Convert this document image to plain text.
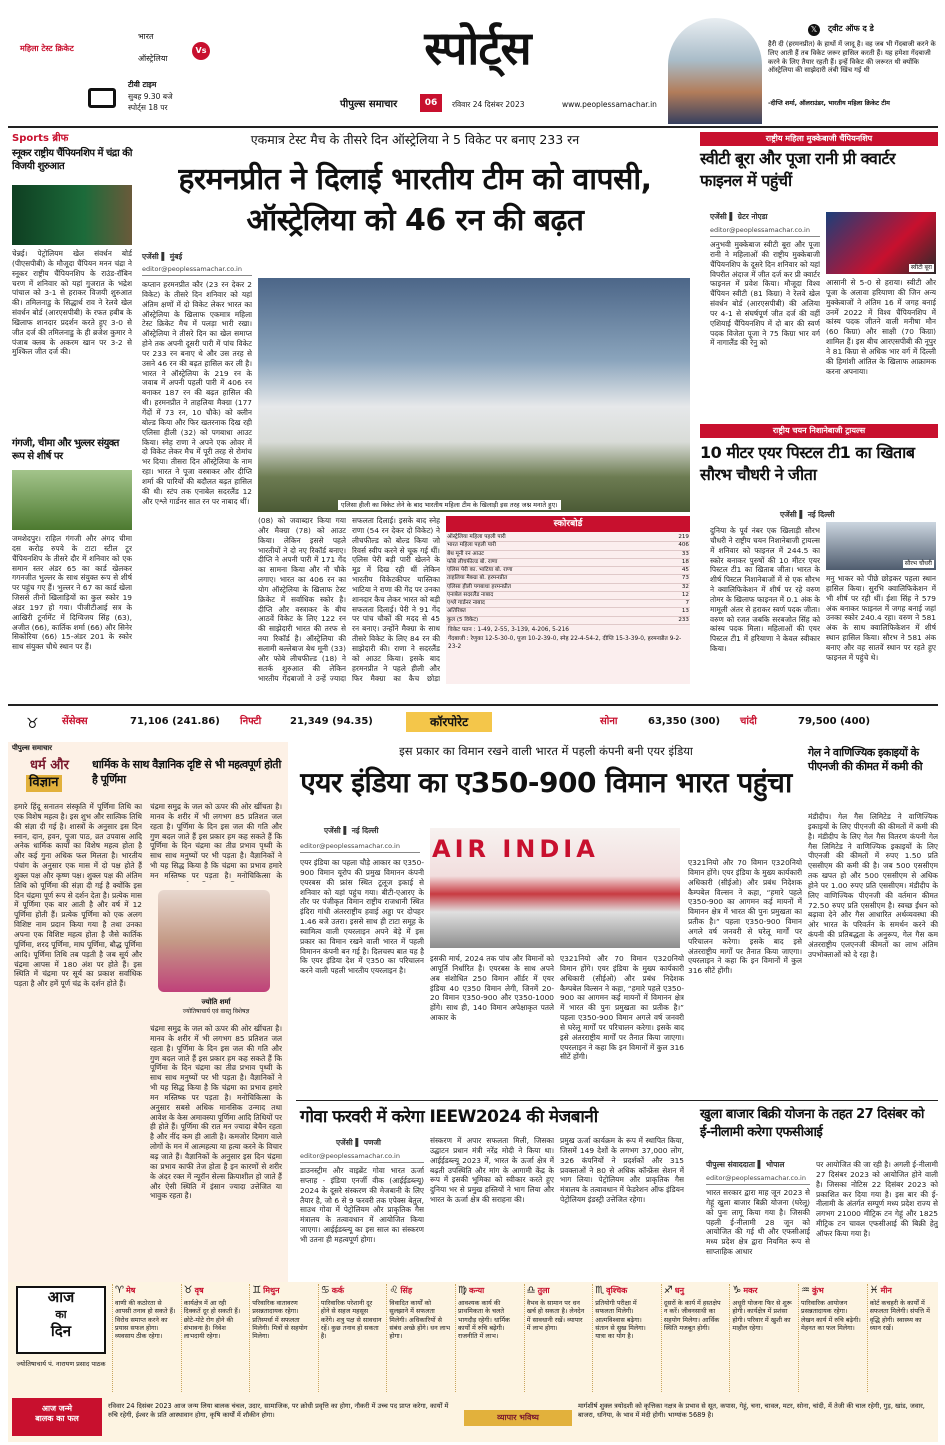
महिला टेस्ट क्रिकेट
भारत
Vs
ऑस्ट्रेलिया
टीवी टाइम
सुबह 9.30 बजे
स्पोर्ट्स 18 पर
स्पोर्ट्स
पीपुल्स समाचार	06	रविवार 24 दिसंबर 2023	www.peoplessamachar.in
𝕏	ट्वीट ऑफ द डे
हैरी दी (हरमनप्रीत) के हाथों में जादू है। वह जब भी गेंदबाजी करने के लिए आती हैं तब विकेट जरूर हासिल करती हैं। यह हमेशा गेंदबाजी करने के लिए तैयार रहती हैं। इन्हें विकेट की जरूरत थी क्योंकि ऑस्ट्रेलिया की साझेदारी लंबी खिंच गई थी
-दीप्ति शर्मा, ऑलराउंडर, भारतीय महिला क्रिकेट टीम
Sports ब्रीफ
स्नूकर राष्ट्रीय चैंपियनशिप में चंद्रा की विजयी शुरुआत
चेन्नई। पेट्रोलियम खेल संवर्धन बोर्ड (पीएसपीबी) के मौजूदा चैंपियन मनन चंद्रा ने स्नूकर राष्ट्रीय चैंपियनशिप के राउंड-रॉबिन चरण में शनिवार को यहां गुजरात के भद्रेश पांचाल को 3-1 से हराकर विजयी शुरुआत की। तमिलनाडु के सिद्धार्थ राव ने रेलवे खेल संवर्धन बोर्ड (आरएसपीबी) के रफत हबीब के खिलाफ शानदार प्रदर्शन करते हुए 3-0 से जीत दर्ज की तमिलनाडु के ही ब्रजेश कुमार ने पंजाब क्लब के अकरम खान पर 3-2 से मुश्किल जीत दर्ज की।
गंगजी, चीमा और भुल्लर संयुक्त रूप से शीर्ष पर
जमशेदपुर। राहिल गंगजी और अंगद चीमा दस करोड़ रुपये के टाटा स्टील टूर चैंपियनशिप के तीसरे दौर में शनिवार को एक समान स्तर अंडर 65 का कार्ड खेलकर गगनजीत भुल्लर के साथ संयुक्त रूप से शीर्ष पर पहुंच गए हैं। भुल्लर ने 67 का कार्ड खेला जिससे तीनों खिलाड़ियों का कुल स्कोर 19 अंडर 197 हो गया। पीजीटीआई सत्र के आखिरी टूर्नामेंट में दिग्विजय सिंह (63), अजीत (66), कार्तिक शर्मा (66) और सिनेर सिकोरिया (66) 15-अंडर 201 के स्कोर साथ संयुक्त चौथे स्थान पर हैं।
एकमात्र टेस्ट मैच के तीसरे दिन ऑस्ट्रेलिया ने 5 विकेट पर बनाए 233 रन
हरमनप्रीत ने दिलाई भारतीय टीम को वापसी, ऑस्ट्रेलिया को 46 रन की बढ़त
एजेंसी ▌ मुंबई
editor@peoplessamachar.co.in
एलिसा हीली का विकेट लेने के बाद भारतीय महिला टीम के खिलाड़ी इस तरह जश्न मनाते हुए।
कप्तान हरमनप्रीत कौर (23 रन देकर 2 विकेट) के तीसरे दिन शनिवार को यहां अंतिम क्षणों में दो विकेट लेकर भारत का ऑस्ट्रेलिया के खिलाफ एकमात्र महिला टेस्ट क्रिकेट मैच में पलड़ा भारी रखा। ऑस्ट्रेलिया ने तीसरे दिन का खेल समाप्त होने तक अपनी दूसरी पारी में पांच विकेट पर 233 रन बनाए थे और उस तरह से उसने 46 रन की बढ़त हासिल कर ली है। भारत ने ऑस्ट्रेलिया के 219 रन के जवाब में अपनी पहली पारी में 406 रन बनाकर 187 रन की बढ़त हासिल की थी। हरमनप्रीत ने ताहलिया मैक्ग्रा (177 गेंदों में 73 रन, 10 चौके) को क्लीन बोल्ड किया और फिर खतरनाक दिख रही एलिसा हीली (32) को पगबाधा आउट किया। स्नेह राणा ने अपने एक ओवर में दो विकेट लेकर मैच में पूरी तरह से रोमांच भर दिया। तीसरा दिन ऑस्ट्रेलिया के नाम रहा। भारत ने पूजा वस्त्राकर और दीप्ति शर्मा की पारियों की बदौलत बढ़त हासिल की थी। स्टंप तक एनाबेल सदरलैंड 12 और एश्ले गार्डनर सात रन पर नाबाद थीं।
(08) को जवाब्दार किया गया और मैक्ग्रा (78) को आउट किया। लेकिन इससे पहले भारतीयों ने दो नए रिकॉर्ड बनाए। दीप्ति ने अपनी पारी में 171 गेंद का सामना किया और नौ चौके लगाए। भारत का 406 रन का योग ऑस्ट्रेलिया के खिलाफ टेस्ट क्रिकेट में सर्वाधिक स्कोर है। दीप्ति और वस्त्राकर के बीच आठवें विकेट के लिए 122 रन की साझेदारी भारत की तरफ से नया रिकॉर्ड है। ऑस्ट्रेलिया की सलामी बल्लेबाज बेथ मूनी (33) और फोबे लीचफील्ड (18) ने सतर्क शुरुआत की लेकिन भारतीय गेंदबाजों ने उन्हें ज्यादा
सफलता दिलाई। इसके बाद स्नेह राणा (54 रन देकर दो विकेट) ने लीचफील्ड को बोल्ड किया जो रिवर्स स्वीप करने से चूक गई थीं। एलिस पेरी बड़ी पारी खेलने के मूड में दिख रही थीं लेकिन भारतीय विकेटकीपर यास्तिका भाटिया ने राणा की गेंद पर उनका शानदार कैच लेकर भारत को बड़ी सफलता दिलाई। पेरी ने 91 गेंद पर पांच चौकों की मदद से 45 रन बनाए। उन्होंने मैक्ग्रा के साथ तीसरे विकेट के लिए 84 रन की साझेदारी की। राणा ने सदरलैंड को आउट किया। इसके बाद हरमनप्रीत ने पहले हीली और फिर मैक्ग्रा का कैच छोड़ा
स्कोरबोर्ड
ऑस्ट्रेलिया महिला पहली पारी	219
भारत महिला पहली पारी	406
बेथ मूनी रन आउट	33
फोबे लीचफील्ड बो. राणा	18
एलिस पेरी का. भाटिया बो. राणा	45
ताहलिया मैक्ग्रा बो. हरमनप्रीत	73
एलिसा हीली पगबाधा हरमनप्रीत	32
एनाबेल सदरलैंड नाबाद	12
एश्ले गार्डनर नाबाद	7
अतिरिक्त	13
कुल (5 विकेट)	233
विकेट पतन : 1-49, 2-55, 3-139, 4-206, 5-216
गेंदबाजी : रेणुका 12-5-30-0, पूजा 10-2-39-0, स्नेह 22-4-54-2, दीप्ति 15-3-39-0, हरमनप्रीत 9-2-23-2
राष्ट्रीय महिला मुक्केबाजी चैंपियनशिप
स्वीटी बूरा और पूजा रानी प्री क्वार्टर फाइनल में पहुंचीं
एजेंसी ▌ ग्रेटर नोएडा
editor@peoplessamachar.co.in
स्वीटी बूरा
अनुभवी मुक्केबाज स्वीटी बूरा और पूजा रानी ने महिलाओं की राष्ट्रीय मुक्केबाजी चैंपियनशिप के दूसरे दिन शनिवार को यहां विपरीत अंदाज में जीत दर्ज कर प्री क्वार्टर फाइनल में प्रवेश किया। मौजूदा विश्व चैंपियन स्वीटी (81 किग्रा) ने रेलवे खेल संवर्धन बोर्ड (आरएसपीबी) की अलिया पर 4-1 से संघर्षपूर्ण जीत दर्ज की वहीं एशियाई चैंपियनशिप में दो बार की स्वर्ण पदक विजेता पूजा ने 75 किग्रा भार वर्ग में नागालैंड की रेनु को
आसानी से 5-0 से हराया। स्वीटी और पूजा के अलावा हरियाणा की जिन अन्य मुक्केबाजों ने अंतिम 16 में जगह बनाई उनमें 2022 में विश्व चैंपियनशिप में कांस्य पदक जीतने वाली मनीषा मौन (60 किग्रा) और साक्षी (70 किग्रा) शामिल हैं। इस बीच आरएसपीबी की नूपुर ने 81 किग्रा से अधिक भार वर्ग में दिल्ली की हिमांशी आंतिल के खिलाफ आक्रामक करना अपनाया।
राष्ट्रीय चयन निशानेबाजी ट्रायल्स
10 मीटर एयर पिस्टल टी1 का खिताब सौरभ चौधरी ने जीता
एजेंसी ▌ नई दिल्ली
दुनिया के पूर्व नंबर एक खिलाड़ी सौरभ चौधरी ने राष्ट्रीय चयन निशानेबाजी ट्रायल्स में शनिवार को फाइनल में 244.5 का स्कोर बनाकर पुरुषों की 10 मीटर एयर पिस्टल टी1 का खिताब जीता। भारत के शीर्ष पिस्टल निशानेबाजों में से एक सौरभ ने क्वालिफिकेशन में शीर्ष पर रहे वरुण तोमर के खिलाफ फाइनल में 0.1 अंक के मामूली अंतर से हराकर स्वर्ण पदक जीता। वरुण को रजत जबकि सरबजोत सिंह को कांस्य पदक मिला। महिलाओं की एयर पिस्टल टी1 में हरियाणा ने केवल स्वीकार किया।
सौरभ चौधरी
मनु भाकर को पीछे छोड़कर पहला स्थान हासिल किया। सुरभि क्वालिफिकेशन में भी शीर्ष पर रही थीं। ईशा सिंह ने 579 अंक बनाकर फाइनल में जगह बनाई जहां उनका स्कोर 240.4 रहा। वरुण ने 581 अंक के साथ क्वालिफिकेशन में शीर्ष स्थान हासिल किया। सौरभ ने 581 अंक बनाए और वह सातवें स्थान पर रहते हुए फाइनल में पहुंचे थे।
♉ सेंसेक्स	71,106 (241.86) निफ्टी	21,349 (94.35)	कॉरपोरेट	सोना	63,350 (300) चांदी	79,500 (400)
पीपुल्स समाचार
धर्म और
विज्ञान
धार्मिक के साथ वैज्ञानिक दृष्टि से भी महत्वपूर्ण होती है पूर्णिमा
हमारे हिंदू सनातन संस्कृति में पूर्णिमा तिथि का एक विशेष महत्व है। इस शुभ और सात्विक तिथि की संज्ञा दी गई है। शास्त्रों के अनुसार इस दिन स्नान, दान, हवन, पूजा पाठ, व्रत उपवास आदि अनेक धार्मिक कार्यों का विशेष महत्व होता है और कई गुना अधिक फल मिलता है। भारतीय पंचांग के अनुसार एक मास में दो पक्ष होते हैं शुक्ल पक्ष और कृष्ण पक्ष। शुक्ल पक्ष की अंतिम तिथि को पूर्णिमा की संज्ञा दी गई है क्योंकि इस दिन चंद्रमा पूर्ण रूप से दर्शन देता है। प्रत्येक मास में पूर्णिमा एक बार आती है और वर्ष में 12 पूर्णिमा होती हैं। प्रत्येक पूर्णिमा को एक अलग विशिष्ट नाम प्रदान किया गया है तथा उनका अपना एक विशिष्ट महत्व होता है जैसे कार्तिक पूर्णिमा, शरद पूर्णिमा, माघ पूर्णिमा, बौद्ध पूर्णिमा आदि। पूर्णिमा तिथि तब पड़ती है जब सूर्य और चंद्रमा आपस में 180 अंश पर होते हैं। इस स्थिति में चंद्रमा पर सूर्य का प्रकाश सर्वाधिक पड़ता है और हमें पूर्ण चंद्र के दर्शन होते हैं।
चंद्रमा समुद्र के जल को ऊपर की ओर खींचता है। मानव के शरीर में भी लगभग 85 प्रतिशत जल रहता है। पूर्णिमा के दिन इस जल की गति और गुण बदल जाते हैं इस प्रकार हम कह सकते हैं कि पूर्णिमा के दिन चंद्रमा का तीव्र प्रभाव पृथ्वी के साथ साथ मनुष्यों पर भी पड़ता है। वैज्ञानिकों ने भी यह सिद्ध किया है कि चंद्रमा का प्रभाव हमारे मन मस्तिष्क पर पड़ता है। मनोचिकित्सा के
ज्योति शर्मा
ज्योतिषाचार्य एवं वास्तु विशेषज्ञ
चंद्रमा समुद्र के जल को ऊपर की ओर खींचता है। मानव के शरीर में भी लगभग 85 प्रतिशत जल रहता है। पूर्णिमा के दिन इस जल की गति और गुण बदल जाते हैं इस प्रकार हम कह सकते हैं कि पूर्णिमा के दिन चंद्रमा का तीव्र प्रभाव पृथ्वी के साथ साथ मनुष्यों पर भी पड़ता है। वैज्ञानिकों ने भी यह सिद्ध किया है कि चंद्रमा का प्रभाव हमारे मन मस्तिष्क पर पड़ता है। मनोचिकित्सा के अनुसार सबसे अधिक मानसिक उन्माद तथा आवेश के केस अमावस्या पूर्णिमा आदि तिथियों पर ही होते हैं। पूर्णिमा की रात मन ज्यादा बेचैन रहता है और नींद कम ही आती है। कमजोर दिमाग वाले लोगों के मन में आत्महत्या या हत्या करने के विचार बढ़ जाते हैं। वैज्ञानिकों के अनुसार इस दिन चंद्रमा का प्रभाव काफी तेज होता है इन कारणों से शरीर के अंदर रक्त में न्यूरॉन सेल्स क्रियाशील हो जाते हैं और ऐसी स्थिति में इंसान ज्यादा उत्तेजित या भावुक रहता है।
इस प्रकार का विमान रखने वाली भारत में पहली कंपनी बनी एयर इंडिया
एयर इंडिया का ए350-900 विमान भारत पहुंचा
एजेंसी ▌ नई दिल्ली
editor@peoplessamachar.co.in	AIR INDIA
एयर इंडिया का पहला चौड़े आकार का ए350-900 विमान यूरोप की प्रमुख विमानन कंपनी एयरबस की फ्रांस स्थित टूलूज इकाई से शनिवार को यहां पहुंच गया। बीटी-एआरए के तौर पर पंजीकृत विमान राष्ट्रीय राजधानी स्थित इंदिरा गांधी अंतरराष्ट्रीय हवाई अड्डा पर दोपहर 1.46 बजे उतरा। इससे साथ ही टाटा समूह के स्वामित्व वाली एयरलाइन अपने बेड़े में इस प्रकार का विमान रखने वाली भारत में पहली विमानन कंपनी बन गई है। दिलचस्प बात यह है कि एयर इंडिया देश में ए350 का परिचालन करने वाली पहली भारतीय एयरलाइन है।
इसकी मार्च, 2024 तक पांच और विमानों को आपूर्ति निर्धारित है। एयरबस के साथ अपने अब संशोधित 250 विमान ऑर्डर में एयर इंडिया 40 ए350 विमान लेगी, जिनमें 20-20 विमान ए350-900 और ए350-1000 होंगे। साथ ही, 140 विमान अपेक्षाकृत पतले आकार के
ए321नियो और 70 विमान ए320नियो विमान होंगे। एयर इंडिया के मुख्य कार्यकारी अधिकारी (सीईओ) और प्रबंध निदेशक कैम्पबेल विल्सन ने कहा, “हमारे पहले ए350-900 का आगमन कई मायनों में विमानन क्षेत्र में भारत की पुनः प्रमुखता का प्रतीक है।” पहला ए350-900 विमान अगले वर्ष जनवरी से घरेलू मार्गों पर परिचालन करेगा। इसके बाद इसे अंतरराष्ट्रीय मार्गों पर तैनात किया जाएगा। एयरलाइन ने कहा कि इन विमानों में कुल 316 सीटें होंगी।
गेल ने वाणिज्यिक इकाइयों के पीएनजी की कीमत में कमी की
मंडीदीप। गेल गैस लिमिटेड ने वाणिज्यिक इकाइयों के लिए पीएनजी की कीमतों में कमी की है। मंडीदीप के लिए गेल गैस वितरण कंपनी गेल गैस लिमिटेड ने वाणिज्यिक इकाइयों के लिए पीएनजी की कीमतों में रुपए 1.50 प्रति एससीएम की कमी की है। जब 500 एससीएम तक खपत हो और 500 एससीएम से अधिक होने पर 1.00 रुपए प्रति एससीएम। मंडीदीप के लिए वाणिज्यिक पीएनजी की वर्तमान कीमत 72.50 रुपए प्रति एससीएम है। स्वच्छ ईंधन को बढ़ावा देने और गैस आधारित अर्थव्यवस्था की ओर भारत के परिवर्तन के समर्थन करने की कंपनी की प्रतिबद्धता के अनुरूप, गेल गैस कम अंतरराष्ट्रीय एलएनजी कीमतों का लाभ अंतिम उपभोक्ताओं को दे रहा है।
ए321नियो और 70 विमान ए320नियो विमान होंगे। एयर इंडिया के मुख्य कार्यकारी अधिकारी (सीईओ) और प्रबंध निदेशक कैम्पबेल विल्सन ने कहा, “हमारे पहले ए350-900 का आगमन कई मायनों में विमानन क्षेत्र में भारत की पुनः प्रमुखता का प्रतीक है।” पहला ए350-900 विमान अगले वर्ष जनवरी से घरेलू मार्गों पर परिचालन करेगा। इसके बाद इसे अंतरराष्ट्रीय मार्गों पर तैनात किया जाएगा। एयरलाइन ने कहा कि इन विमानों में कुल 316 सीटें होंगी।
गोवा फरवरी में करेगा IEEW2024 की मेजबानी
एजेंसी ▌ पणजी
editor@peoplessamachar.co.in
डाउनस्ट्रीम और वाइब्रेंट गोवा भारत ऊर्जा सप्ताह - इंडिया एनर्जी वीक (आईईडब्ल्यू) 2024 के दूसरे संस्करण की मेजबानी के लिए तैयार है, जो 6 से 9 फरवरी तक एपेक्स बेतुल, साउथ गोवा में पेट्रोलियम और प्राकृतिक गैस मंत्रालय के तत्वावधान में आयोजित किया जाएगा। आईईडब्ल्यू का इस साल का संस्करण भी उतना ही महत्वपूर्ण होगा।
संस्करण में अपार सफलता मिली, जिसका उद्घाटन प्रधान मंत्री नरेंद्र मोदी ने किया था। आईईडब्ल्यू 2023 में, भारत के ऊर्जा क्षेत्र में बढ़ती उपस्थिति और मांग के आगामी केंद्र के रूप में इसकी भूमिका को स्वीकार करते हुए दुनिया भर से प्रमुख हस्तियों ने भाग लिया और भारत के ऊर्जा क्षेत्र की सराहना की।
प्रमुख ऊर्जा कार्यक्रम के रूप में स्थापित किया, जिसमें 149 देशों के लगभग 37,000 लोग, 326 कंपनियों ने प्रदर्शकों और 315 प्रवक्ताओं ने 80 से अधिक कॉन्फ्रेंस सेशन में भाग लिया। पेट्रोलियम और प्राकृतिक गैस मंत्रालय के तत्वावधान में फेडरेशन ऑफ इंडियन पेट्रोलियम इंडस्ट्री उत्तेजित रहेगा।
खुला बाजार बिक्री योजना के तहत 27 दिसंबर को ई-नीलामी करेगा एफसीआई
पीपुल्स संवाददाता ▌ भोपाल
editor@peoplessamachar.co.in
भारत सरकार द्वारा माह जून 2023 से गेहूं खुला बाजार बिक्री योजना (घरेलू) को पुनः लागू किया गया है। जिसकी पहली ई-नीलामी 28 जून को आयोजित की गई थी और एफसीआई मध्य प्रदेश क्षेत्र द्वारा नियमित रूप से साप्ताहिक आधार
पर आयोजित की जा रही है। अगली ई-नीलामी 27 दिसंबर 2023 को आयोजित होने वाली है। जिसका नोटिस 22 दिसंबर 2023 को प्रकाशित कर दिया गया है। इस बार की ई-नीलामी के अंतर्गत सम्पूर्ण मध्य प्रदेश राज्य से लगभग 21000 मीट्रिक टन गेहूं और 1825 मीट्रिक टन चावल एफसीआई की बिक्री हेतु ऑफर किया गया है।
आज
का
दिन
ज्योतिषाचार्य पं. नारायण प्रसाद पाठक
♈ मेष
वाणी की कठोरता से आपसी तनाव हो सकते हैं। विरोध समाप्त करने का प्रयास सफल होगा। व्यवसाय ठीक रहेगा।
♉ वृष
कार्यक्षेत्र में आ रही दिक्कतें दूर हो सकती हैं। छोटे-मोटे रोग होने की संभावना है। निवेश लाभदायी रहेगा।
♊ मिथुन
परिवारिक वातावरण प्रसन्नतादायक रहेगा। प्रतिस्पर्धा में सफलता मिलेगी। मित्रों से सहयोग मिलेगा।
♋ कर्क
पारिवारिक परेशानी दूर होने से सहज महसूस करेंगे। शत्रु पक्ष से सावधान रहें। कुछ तनाव हो सकता है।
♌ सिंह
विवादित कार्यों को सुलझाने में सफलता मिलेगी। अधिकारियों से संबंध अच्छे होंगे। धन लाभ होगा।
♍ कन्या
आवश्यक कार्य की प्राथमिकता के चलते भागदौड़ रहेगी। धार्मिक कार्यों में रुचि बढ़ेगी। राजनीति में लाभ।
♎ तुला
वैभव के सामान पर धन खर्च हो सकता है। लेनदेन में सावधानी रखें। व्यापार में लाभ होगा।
♏ वृश्चिक
प्रतियोगी परीक्षा में सफलता मिलेगी। आत्मविश्वास बढ़ेगा। संतान से सुख मिलेगा। यात्रा का योग है।
♐ धनु
दूसरों के कार्य में हस्तक्षेप न करें। जीवनसाथी का सहयोग मिलेगा। आर्थिक स्थिति मजबूत होगी।
♑ मकर
अधूरी योजना फिर से शुरू होगी। कार्यक्षेत्र में प्रशंसा होगी। परिवार में खुशी का माहौल रहेगा।
♒ कुंभ
पारिवारिक आयोजन प्रसन्नतादायक रहेगा। लेखन कार्य में रुचि बढ़ेगी। मेहनत का फल मिलेगा।
♓ मीन
कोर्ट कचहरी के कार्यों में सफलता मिलेगी। संपत्ति में वृद्धि होगी। स्वास्थ्य का ध्यान रखें।
आज जन्मे
बालक का फल
रविवार 24 दिसंबर 2023 आज जन्म लिया बालक चंचल, उदार, सामाजिक, पर क्रोधी प्रवृत्ति का होगा, नौकरी में उच्च पद प्राप्त करेगा, कार्यों में रुचि रहेगी, ईश्वर के प्रति आस्थावान होगा, कृषि कार्यों में शौकीन होगा।	व्यापार भविष्य
मार्गशीर्ष शुक्ल त्रयोदशी को कृत्तिका नक्षत्र के प्रभाव से सूत, कपास, गेहूं, चना, चावल, मटर, सोना, चांदी, में तेजी की चाल रहेगी, गुड़, खांड, जवार, बाजरा, धनिया, के भाव में मंदी होगी। भाग्यांक 5689 है।
